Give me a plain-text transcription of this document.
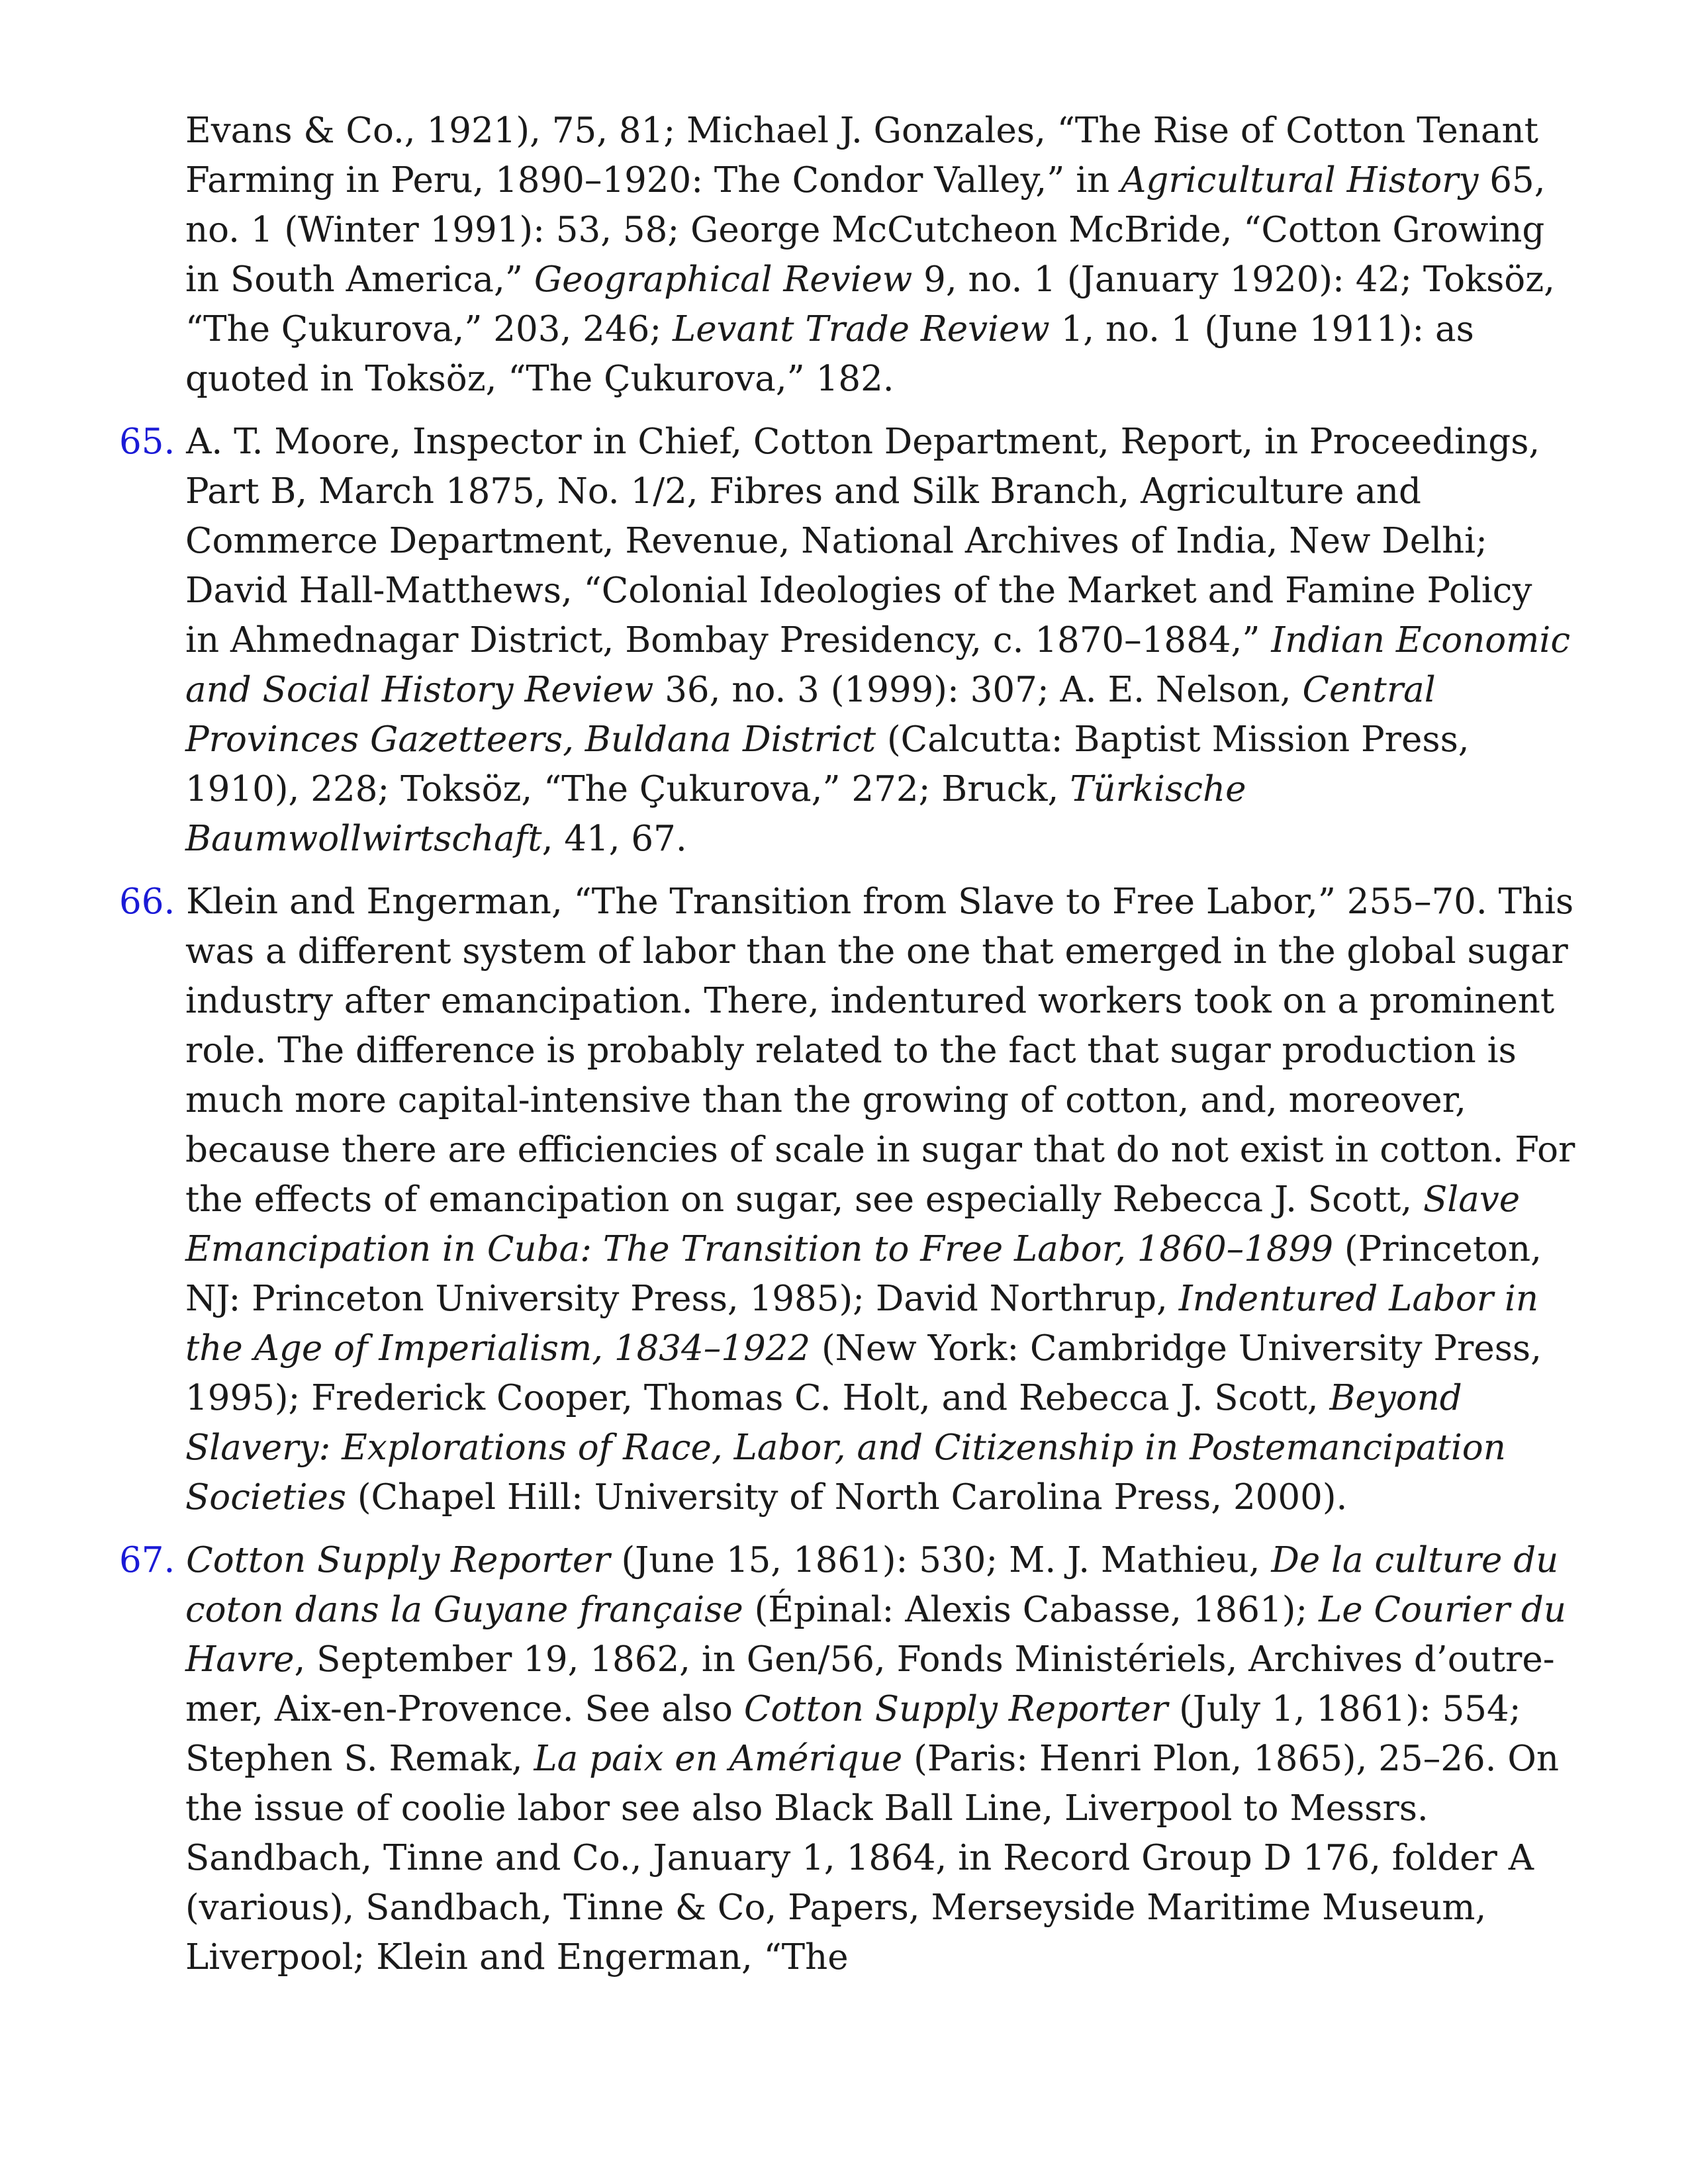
Evans & Co., 1921), 75, 81; Michael J. Gonzales, “The Rise of Cotton Tenant Farming in Peru, 1890–1920: The Condor Valley,” in Agricultural History 65, no. 1 (Winter 1991): 53, 58; George McCutcheon McBride, “Cotton Growing in South America,” Geographical Review 9, no. 1 (January 1920): 42; Toksöz, “The Çukurova,” 203, 246; Levant Trade Review 1, no. 1 (June 1911): as quoted in Toksöz, “The Çukurova,” 182.

65. A. T. Moore, Inspector in Chief, Cotton Department, Report, in Proceedings, Part B, March 1875, No. 1/2, Fibres and Silk Branch, Agriculture and Commerce Department, Revenue, National Archives of India, New Delhi; David Hall-Matthews, “Colonial Ideologies of the Market and Famine Policy in Ahmednagar District, Bombay Presidency, c. 1870–1884,” Indian Economic and Social History Review 36, no. 3 (1999): 307; A. E. Nelson, Central Provinces Gazetteers, Buldana District (Calcutta: Baptist Mission Press, 1910), 228; Toksöz, “The Çukurova,” 272; Bruck, Türkische Baumwollwirtschaft, 41, 67.

66. Klein and Engerman, “The Transition from Slave to Free Labor,” 255–70. This was a different system of labor than the one that emerged in the global sugar industry after emancipation. There, indentured workers took on a prominent role. The difference is probably related to the fact that sugar production is much more capital-intensive than the growing of cotton, and, moreover, because there are efficiencies of scale in sugar that do not exist in cotton. For the effects of emancipation on sugar, see especially Rebecca J. Scott, Slave Emancipation in Cuba: The Transition to Free Labor, 1860–1899 (Princeton, NJ: Princeton University Press, 1985); David Northrup, Indentured Labor in the Age of Imperialism, 1834–1922 (New York: Cambridge University Press, 1995); Frederick Cooper, Thomas C. Holt, and Rebecca J. Scott, Beyond Slavery: Explorations of Race, Labor, and Citizenship in Postemancipation Societies (Chapel Hill: University of North Carolina Press, 2000).

67. Cotton Supply Reporter (June 15, 1861): 530; M. J. Mathieu, De la culture du coton dans la Guyane française (Épinal: Alexis Cabasse, 1861); Le Courier du Havre, September 19, 1862, in Gen/56, Fonds Ministériels, Archives d’outre-mer, Aix-en-Provence. See also Cotton Supply Reporter (July 1, 1861): 554; Stephen S. Remak, La paix en Amérique (Paris: Henri Plon, 1865), 25–26. On the issue of coolie labor see also Black Ball Line, Liverpool to Messrs. Sandbach, Tinne and Co., January 1, 1864, in Record Group D 176, folder A (various), Sandbach, Tinne & Co, Papers, Merseyside Maritime Museum, Liverpool; Klein and Engerman, “The
